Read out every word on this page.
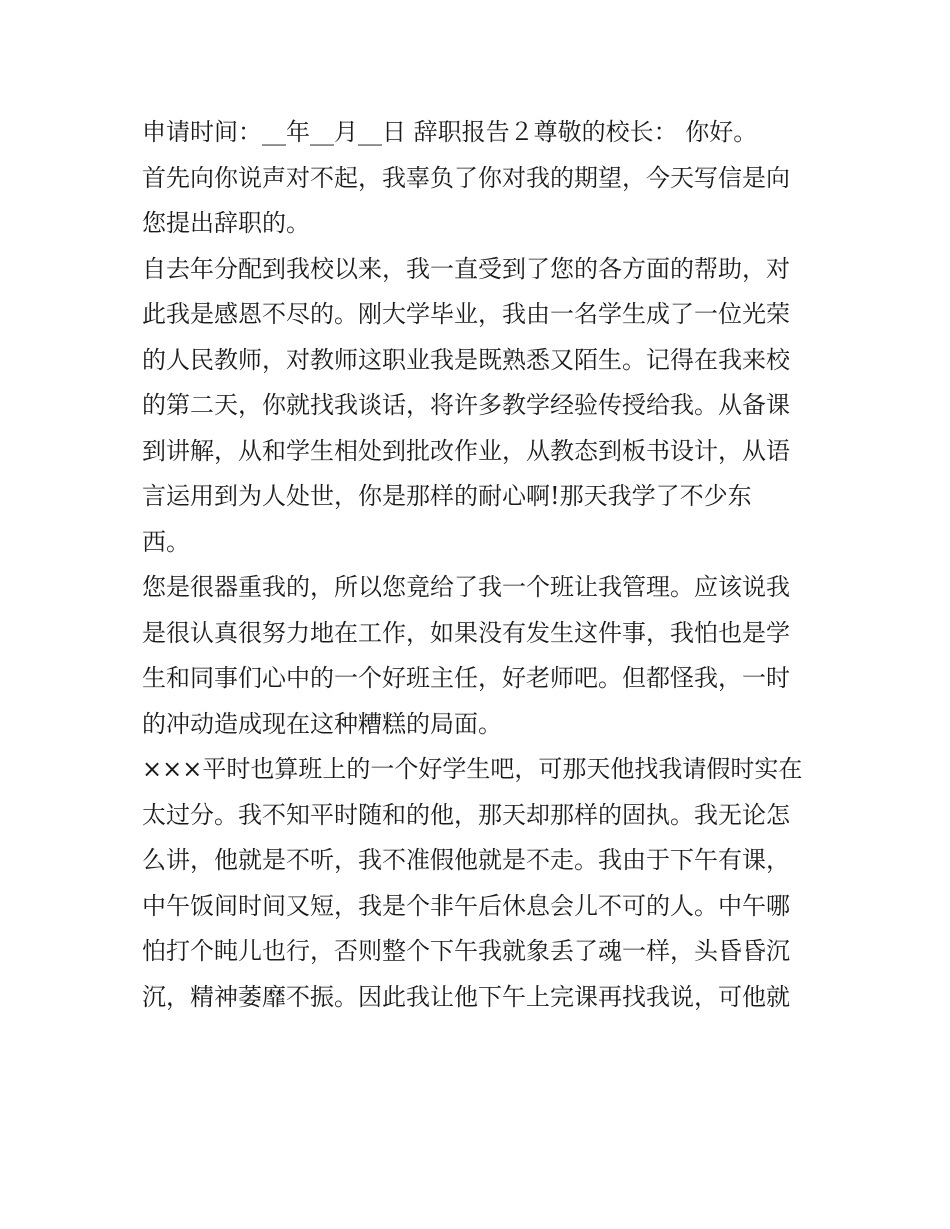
申请时间：__年__月__日 辞职报告２尊敬的校长： 你好。
首先向你说声对不起，我辜负了你对我的期望，今天写信是向
您提出辞职的。
自去年分配到我校以来，我一直受到了您的各方面的帮助，对
此我是感恩不尽的。刚大学毕业，我由一名学生成了一位光荣
的人民教师，对教师这职业我是既熟悉又陌生。记得在我来校
的第二天，你就找我谈话，将许多教学经验传授给我。从备课
到讲解，从和学生相处到批改作业，从教态到板书设计，从语
言运用到为人处世，你是那样的耐心啊!那天我学了不少东
西。
您是很器重我的，所以您竟给了我一个班让我管理。应该说我
是很认真很努力地在工作，如果没有发生这件事，我怕也是学
生和同事们心中的一个好班主任，好老师吧。但都怪我，一时
的冲动造成现在这种糟糕的局面。
×××平时也算班上的一个好学生吧，可那天他找我请假时实在
太过分。我不知平时随和的他，那天却那样的固执。我无论怎
么讲，他就是不听，我不准假他就是不走。我由于下午有课，
中午饭间时间又短，我是个非午后休息会儿不可的人。中午哪
怕打个盹儿也行，否则整个下午我就象丢了魂一样，头昏昏沉
沉，精神萎靡不振。因此我让他下午上完课再找我说，可他就
